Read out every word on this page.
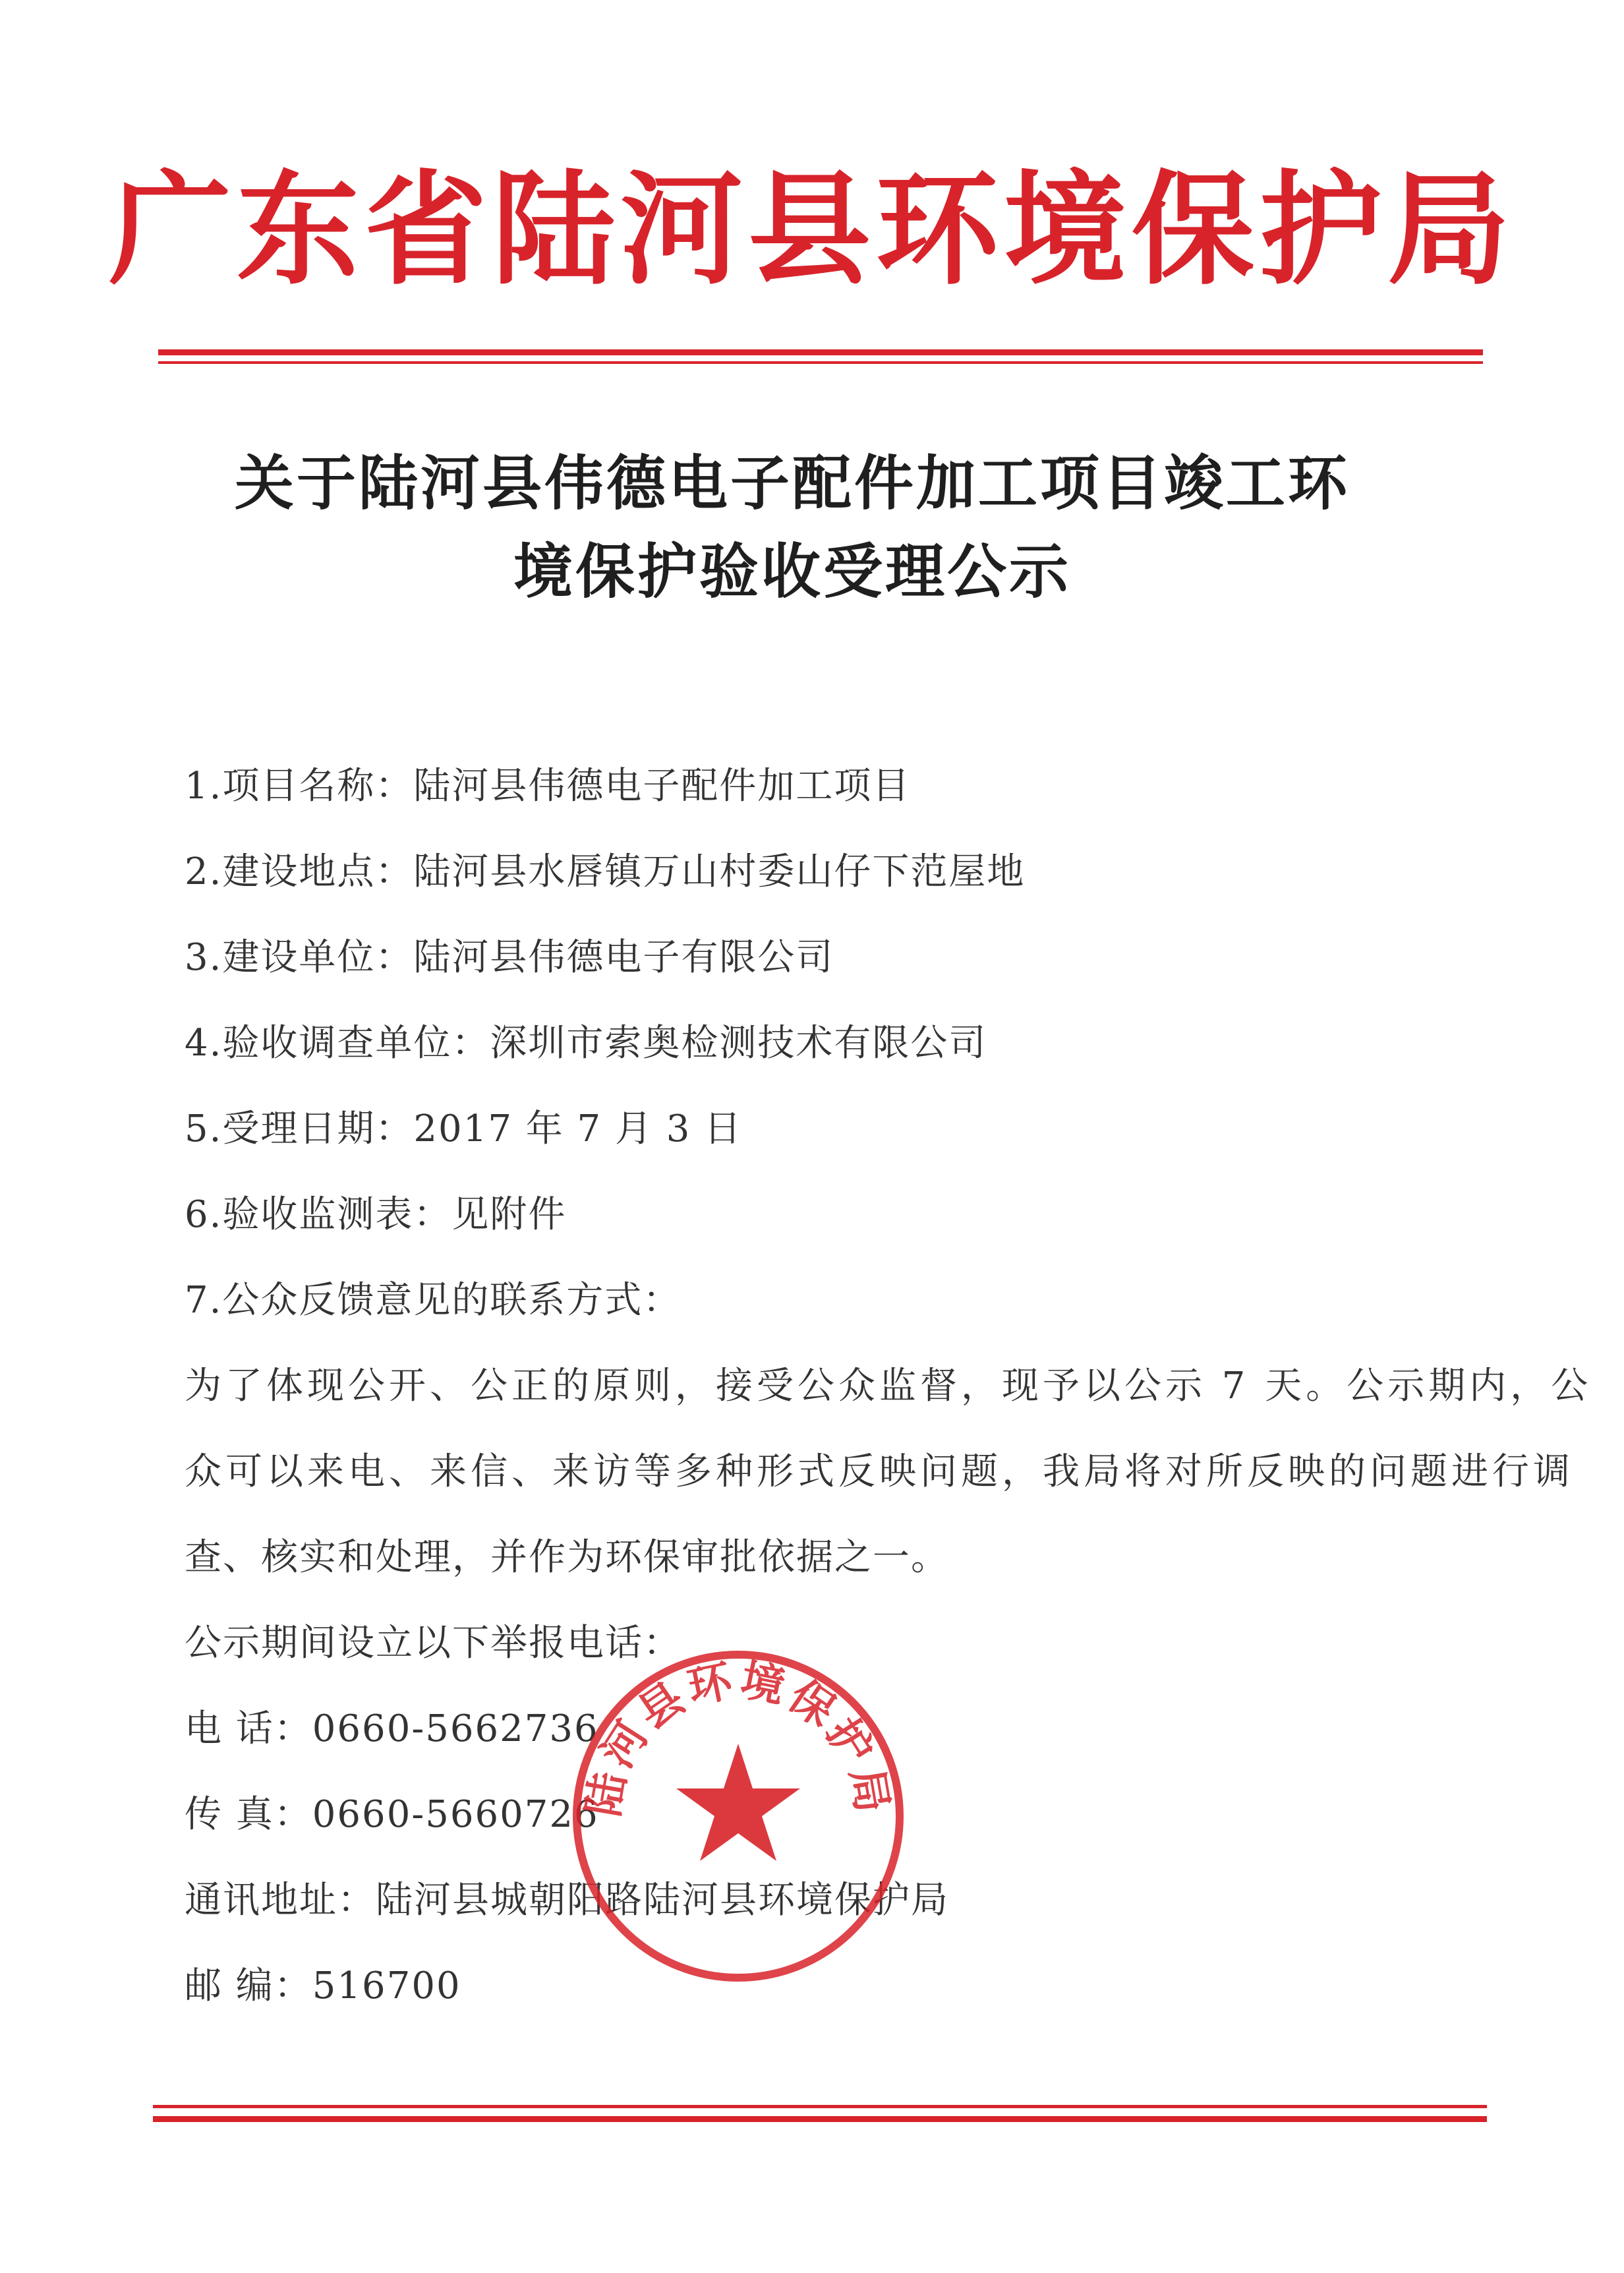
广东省陆河县环境保护局
关于陆河县伟德电子配件加工项目竣工环
境保护验收受理公示
1.项目名称：陆河县伟德电子配件加工项目
2.建设地点：陆河县水唇镇万山村委山仔下范屋地
3.建设单位：陆河县伟德电子有限公司
4.验收调查单位：深圳市索奥检测技术有限公司
5.受理日期：2017 年 7 月 3 日
6.验收监测表：见附件
7.公众反馈意见的联系方式：
为了体现公开、公正的原则，接受公众监督，现予以公示 7 天。公示期内，公
众可以来电、来信、来访等多种形式反映问题，我局将对所反映的问题进行调
查、核实和处理，并作为环保审批依据之一。
公示期间设立以下举报电话：
电 话：0660-5662736
传 真：0660-5660726
通讯地址：陆河县城朝阳路陆河县环境保护局
邮 编：516700
陆河县环境保护局
